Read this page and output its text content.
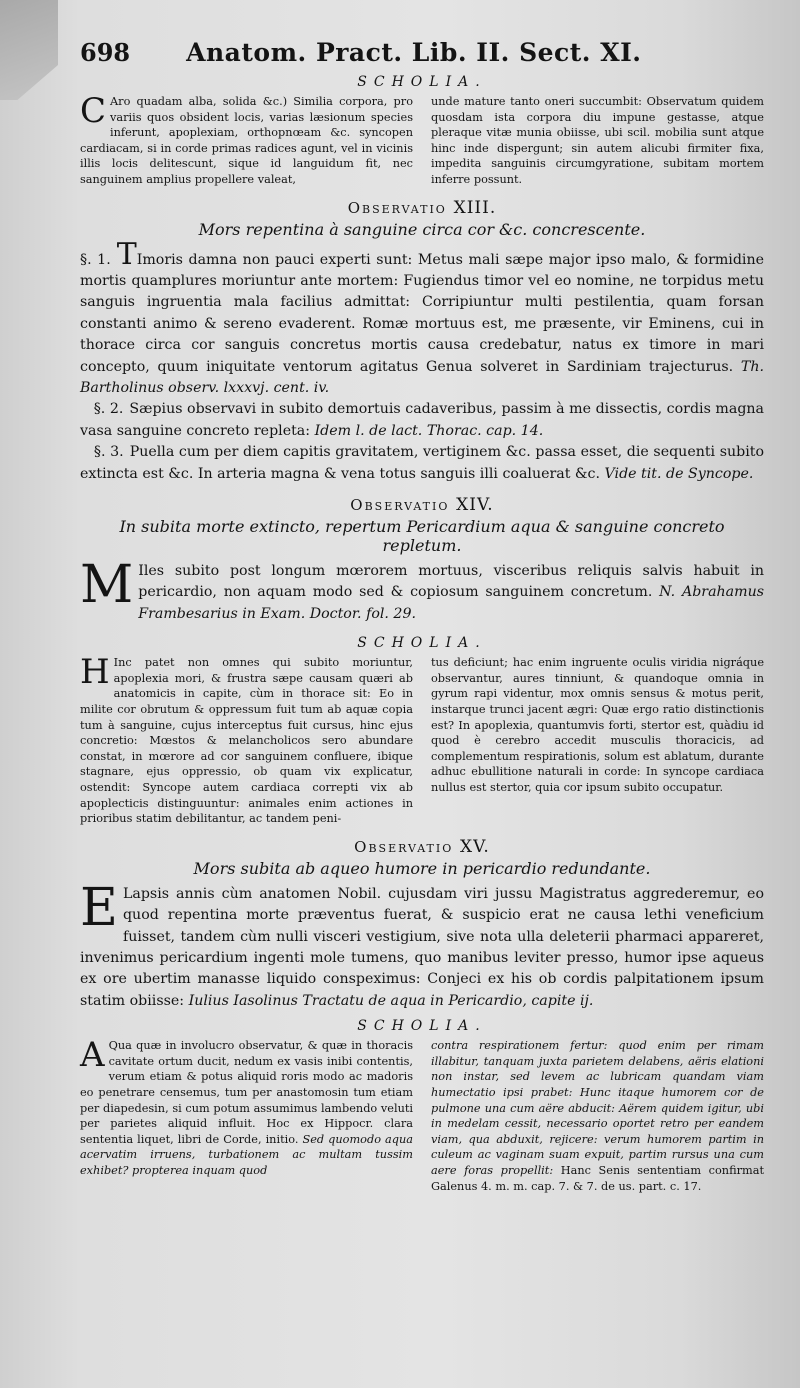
698 Anatom. Pract. Lib. II. Sect. XI.
SCHOLIA.
C Aro quadam alba, solida &c.) Similia corpora, pro variis quos obsident locis, varias læsionum species inferunt, apoplexiam, orthopnœam &c. syncopen cardiacam, si in corde primas radices agunt, vel in vicinis illis locis delitescunt, sique id languidum fit, nec sanguinem amplius propellere valeat,
unde mature tanto oneri succumbit: Observatum quidem quosdam ista corpora diu impune gestasse, atque pleraque vitæ munia obiisse, ubi scil. mobilia sunt atque hinc inde dispergunt; sin autem alicubi firmiter fixa, impedita sanguinis circumgyratione, subitam mortem inferre possunt.
Observatio XIII.
Mors repentina à sanguine circa cor &c. concrescente.
§. 1. TImoris damna non pauci experti sunt: Metus mali sæpe major ipso malo, & formidine mortis quamplures moriuntur ante mortem: Fugiendus timor vel eo nomine, ne torpidus metu sanguis ingruentia mala facilius admittat: Corripiuntur multi pestilentia, quam forsan constanti animo & sereno evaderent. Romæ mortuus est, me præsente, vir Eminens, cui in thorace circa cor sanguis concretus mortis causa credebatur, natus ex timore in mari concepto, quum iniquitate ventorum agitatus Genua solveret in Sardiniam trajecturus. Th. Bartholinus observ. lxxxvj. cent. iv.
§. 2. Sæpius observavi in subito demortuis cadaveribus, passim à me dissectis, cordis magna vasa sanguine concreto repleta: Idem l. de lact. Thorac. cap. 14.
§. 3. Puella cum per diem capitis gravitatem, vertiginem &c. passa esset, die sequenti subito extincta est &c. In arteria magna & vena totus sanguis illi coaluerat &c. Vide tit. de Syncope.
Observatio XIV.
In subita morte extincto, repertum Pericardium aqua & sanguine concreto repletum.
M Iles subito post longum mœrorem mortuus, visceribus reliquis salvis habuit in pericardio, non aquam modo sed & copiosum sanguinem concretum. N. Abrahamus Frambesarius in Exam. Doctor. fol. 29.
SCHOLIA.
H Inc patet non omnes qui subito moriuntur, apoplexia mori, & frustra sæpe causam quæri ab anatomicis in capite, cùm in thorace sit: Eo in milite cor obrutum & oppressum fuit tum ab aquæ copia tum à sanguine, cujus interceptus fuit cursus, hinc ejus concretio: Mœstos & melancholicos sero abundare constat, in mœrore ad cor sanguinem confluere, ibique stagnare, ejus oppressio, ob quam vix explicatur, ostendit: Syncope autem cardiaca correpti vix ab apoplecticis distinguuntur: animales enim actiones in prioribus statim debilitantur, ac tandem peni-
tus deficiunt; hac enim ingruente oculis viridia nigráque observantur, aures tinniunt, & quandoque omnia in gyrum rapi videntur, mox omnis sensus & motus perit, instarque trunci jacent ægri: Quæ ergo ratio distinctionis est? In apoplexia, quantumvis forti, stertor est, quàdiu id quod è cerebro accedit musculis thoracicis, ad complementum respirationis, solum est ablatum, durante adhuc ebullitione naturali in corde: In syncope cardiaca nullus est stertor, quia cor ipsum subito occupatur.
Observatio XV.
Mors subita ab aqueo humore in pericardio redundante.
E Lapsis annis cùm anatomen Nobil. cujusdam viri jussu Magistratus aggrederemur, eo quod repentina morte præventus fuerat, & suspicio erat ne causa lethi veneficium fuisset, tandem cùm nulli visceri vestigium, sive nota ulla deleterii pharmaci appareret, invenimus pericardium ingenti mole tumens, quo manibus leviter presso, humor ipse aqueus ex ore ubertim manasse liquido conspeximus: Conjeci ex his ob cordis palpitationem ipsum statim obiisse: Iulius Iasolinus Tractatu de aqua in Pericardio, capite ij.
SCHOLIA.
A Qua quæ in involucro observatur, & quæ in thoracis cavitate ortum ducit, nedum ex vasis inibi contentis, verum etiam & potus aliquid roris modo ac madoris eo penetrare censemus, tum per anastomosin tum etiam per diapedesin, si cum potum assumimus lambendo veluti per parietes aliquid influit. Hoc ex Hippocr. clara sententia liquet, libri de Corde, initio. Sed quomodo aqua acervatim irruens, turbationem ac multam tussim exhibet? propterea inquam quod
contra respirationem fertur: quod enim per rimam illabitur, tanquam juxta parietem delabens, aëris elationi non instar, sed levem ac lubricam quandam viam humectatio ipsi prabet: Hunc itaque humorem cor de pulmone una cum aëre abducit: Aërem quidem igitur, ubi in medelam cessit, necessario oportet retro per eandem viam, qua abduxit, rejicere: verum humorem partim in culeum ac vaginam suam expuit, partim rursus una cum aere foras propellit: Hanc Senis sententiam confirmat Galenus 4. m. m. cap. 7. & 7. de us. part. c. 17.
